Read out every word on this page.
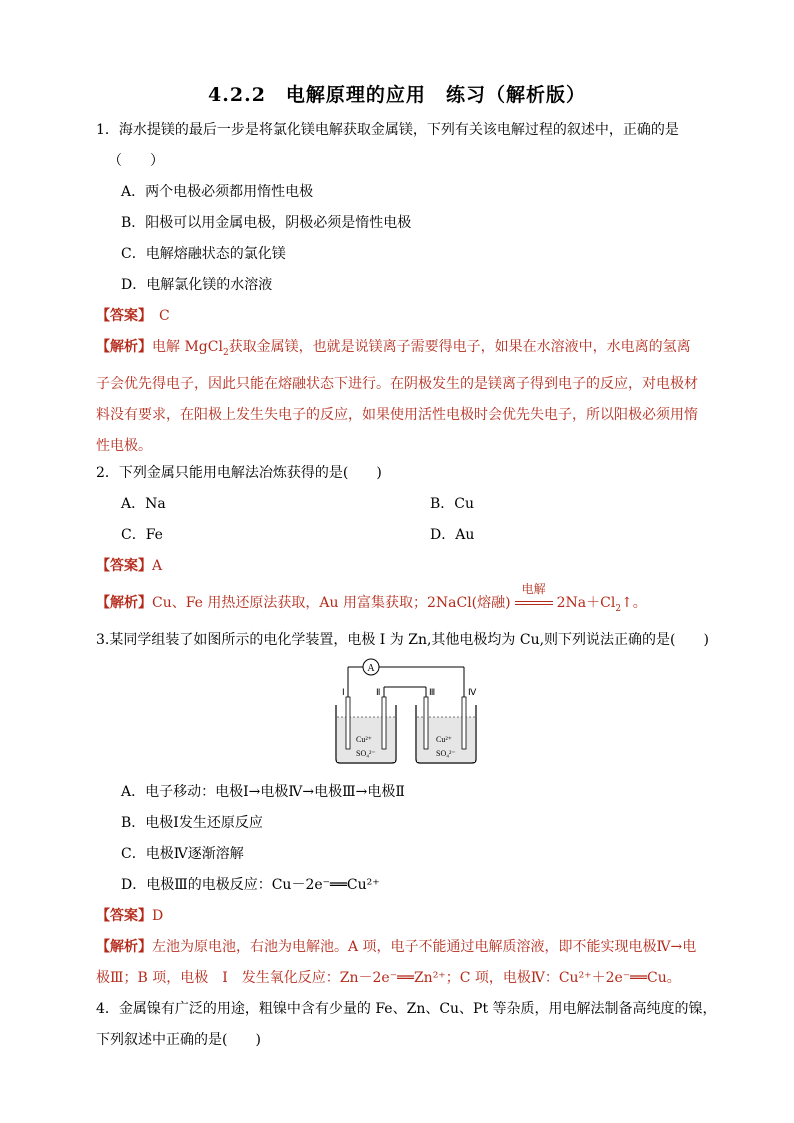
4.2.2　电解原理的应用　练习（解析版）
1．海水提镁的最后一步是将氯化镁电解获取金属镁，下列有关该电解过程的叙述中，正确的是
（　　）
A．两个电极必须都用惰性电极
B．阳极可以用金属电极，阴极必须是惰性电极
C．电解熔融状态的氯化镁
D．电解氯化镁的水溶液
【答案】　C
【解析】电解 MgCl$_2$获取金属镁，也就是说镁离子需要得电子，如果在水溶液中，水电离的氢离子会优先得电子，因此只能在熔融状态下进行。在阴极发生的是镁离子得到电子的反应，对电极材料没有要求，在阳极上发生失电子的反应，如果使用活性电极时会优先失电子，所以阳极必须用惰性电极。
2．下列金属只能用电解法冶炼获得的是(　　)
A．Na	B．Cu
C．Fe	D．Au
【答案】A
【解析】Cu、Fe 用热还原法获取，Au 用富集获取；2NaCl(熔融)
电解
$2Na+Cl_2↑$。
3.某同学组装了如图所示的电化学装置，电极 I 为 Zn,其他电极均为 Cu,则下列说法正确的是(　　)
A
Ⅰ	Ⅱ	Ⅲ	Ⅳ
Cu²⁺
SO₄²⁻
Cu²⁺
SO₄²⁻
A．电子移动：电极Ⅰ→电极Ⅳ→电极Ⅲ→电极Ⅱ
B．电极Ⅰ发生还原反应
C．电极Ⅳ逐渐溶解
D．电极Ⅲ的电极反应：Cu－2e⁻══Cu²⁺
【答案】D
【解析】左池为原电池，右池为电解池。A 项，电子不能通过电解质溶液，即不能实现电极Ⅳ→电极Ⅲ；B 项，电极　Ⅰ　发生氧化反应：Zn－2e⁻══Zn²⁺；C 项，电极Ⅳ：Cu²⁺＋2e⁻══Cu。
4．金属镍有广泛的用途，粗镍中含有少量的 Fe、Zn、Cu、Pt 等杂质，用电解法制备高纯度的镍，
下列叙述中正确的是(　　)
